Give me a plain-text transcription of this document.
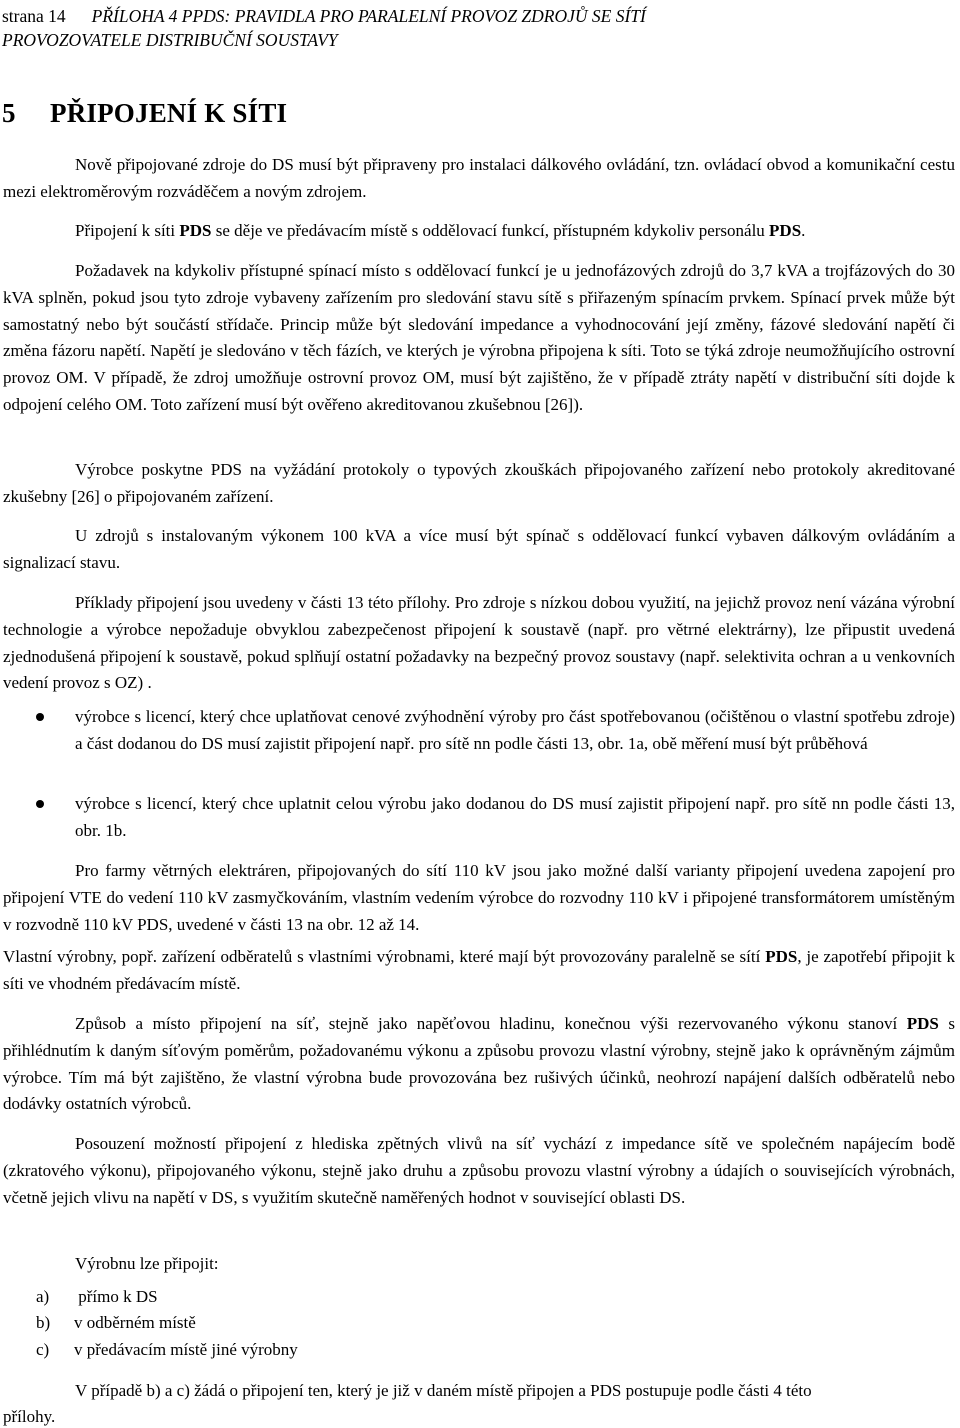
strana 14 PŘÍLOHA 4 PPDS: PRAVIDLA PRO PARALELNÍ PROVOZ ZDROJŮ SE SÍTÍ
PROVOZOVATELE DISTRIBUČNÍ SOUSTAVY
5 PŘIPOJENÍ K SÍTI

Nově připojované zdroje do DS musí být připraveny pro instalaci dálkového ovládání, tzn. ovládací obvod a komunikační cestu mezi elektroměrovým rozváděčem a novým zdrojem.

Připojení k síti PDS se děje ve předávacím místě s oddělovací funkcí, přístupném kdykoliv personálu PDS.

Požadavek na kdykoliv přístupné spínací místo s oddělovací funkcí je u jednofázových zdrojů do 3,7 kVA a trojfázových do 30 kVA splněn, pokud jsou tyto zdroje vybaveny zařízením pro sledování stavu sítě s přiřazeným spínacím prvkem. Spínací prvek může být samostatný nebo být součástí střídače. Princip může být sledování impedance a vyhodnocování její změny, fázové sledování napětí či změna fázoru napětí. Napětí je sledováno v těch fázích, ve kterých je výrobna připojena k síti. Toto se týká zdroje neumožňujícího ostrovní provoz OM. V případě, že zdroj umožňuje ostrovní provoz OM, musí být zajištěno, že v případě ztráty napětí v distribuční síti dojde k odpojení celého OM. Toto zařízení musí být ověřeno akreditovanou zkušebnou [26]).

Výrobce poskytne PDS na vyžádání protokoly o typových zkouškách připojovaného zařízení nebo protokoly akreditované zkušebny [26] o připojovaném zařízení.

U zdrojů s instalovaným výkonem 100 kVA a více musí být spínač s oddělovací funkcí vybaven dálkovým ovládáním a signalizací stavu.

Příklady připojení jsou uvedeny v části 13 této přílohy. Pro zdroje s nízkou dobou využití, na jejichž provoz není vázána výrobní technologie a výrobce nepožaduje obvyklou zabezpečenost připojení k soustavě (např. pro větrné elektrárny), lze připustit uvedená zjednodušená připojení k soustavě, pokud splňují ostatní požadavky na bezpečný provoz soustavy (např. selektivita ochran a u venkovních vedení provoz s OZ) .

výrobce s licencí, který chce uplatňovat cenové zvýhodnění výroby pro část spotřebovanou (očištěnou o vlastní spotřebu zdroje) a část dodanou do DS musí zajistit připojení např. pro sítě nn podle části 13, obr. 1a, obě měření musí být průběhová
výrobce s licencí, který chce uplatnit celou výrobu jako dodanou do DS musí zajistit připojení např. pro sítě nn podle části 13, obr. 1b.

Pro farmy větrných elektráren, připojovaných do sítí 110 kV jsou jako možné další varianty připojení uvedena zapojení pro připojení VTE do vedení 110 kV zasmyčkováním, vlastním vedením výrobce do rozvodny 110 kV i připojené transformátorem umístěným v rozvodně 110 kV PDS, uvedené v části 13 na obr. 12 až 14.

Vlastní výrobny, popř. zařízení odběratelů s vlastními výrobnami, které mají být provozovány paralelně se sítí PDS, je zapotřebí připojit k síti ve vhodném předávacím místě.

Způsob a místo připojení na síť, stejně jako napěťovou hladinu, konečnou výši rezervovaného výkonu stanoví PDS s přihlédnutím k daným síťovým poměrům, požadovanému výkonu a způsobu provozu vlastní výrobny, stejně jako k oprávněným zájmům výrobce. Tím má být zajištěno, že vlastní výrobna bude provozována bez rušivých účinků, neohrozí napájení dalších odběratelů nebo dodávky ostatních výrobců.

Posouzení možností připojení z hlediska zpětných vlivů na síť vychází z impedance sítě ve společném napájecím bodě (zkratového výkonu), připojovaného výkonu, stejně jako druhu a způsobu provozu vlastní výrobny a údajích o souvisejících výrobnách, včetně jejich vlivu na napětí v DS, s využitím skutečně naměřených hodnot v související oblasti DS.

Výrobnu lze připojit:

a) přímo k DS
b) v odběrném místě
c) v předávacím místě jiné výrobny

V případě b) a c) žádá o připojení ten, který je již v daném místě připojen a PDS postupuje podle části 4 této

přílohy.
